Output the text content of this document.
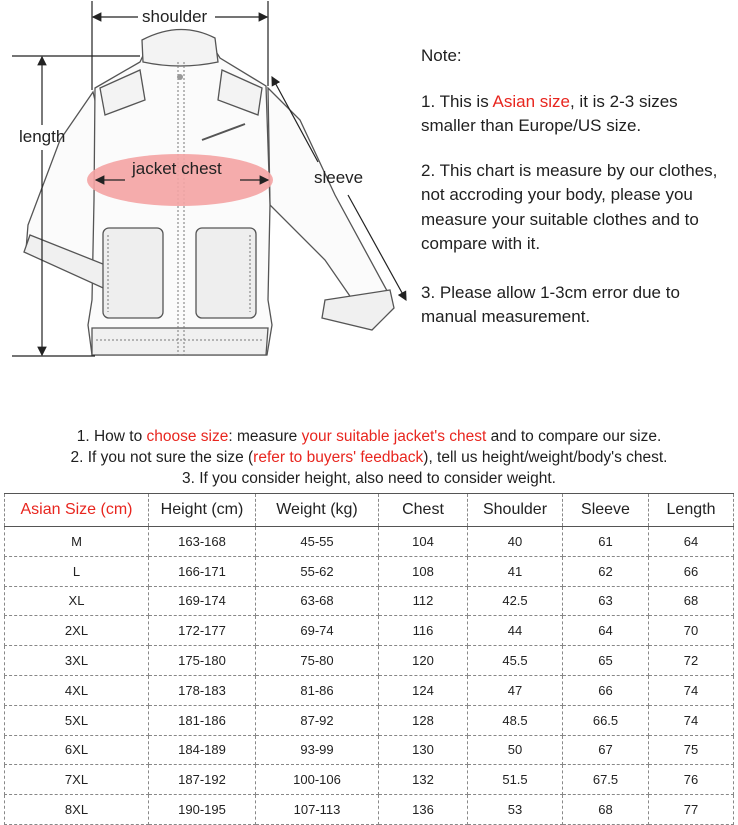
shoulder
length
jacket chest	sleeve

Note:

1. This is Asian size, it is 2-3 sizes smaller than Europe/US size.

2. This chart is measure by our clothes, not accroding your body, please you measure your suitable clothes and to compare with it.

3. Please allow 1-3cm error due to manual measurement.

1. How to choose size: measure your suitable jacket's chest and to compare our size.

2. If you not sure the size (refer to buyers' feedback), tell us height/weight/body's chest.

3. If you consider height, also need to consider weight.

Asian Size (cm)	Height (cm)	Weight (kg)	Chest	Shoulder	Sleeve	Length
M	163-168	45-55	104	40	61	64
L	166-171	55-62	108	41	62	66
XL	169-174	63-68	112	42.5	63	68
2XL	172-177	69-74	116	44	64	70
3XL	175-180	75-80	120	45.5	65	72
4XL	178-183	81-86	124	47	66	74
5XL	181-186	87-92	128	48.5	66.5	74
6XL	184-189	93-99	130	50	67	75
7XL	187-192	100-106	132	51.5	67.5	76
8XL	190-195	107-113	136	53	68	77
